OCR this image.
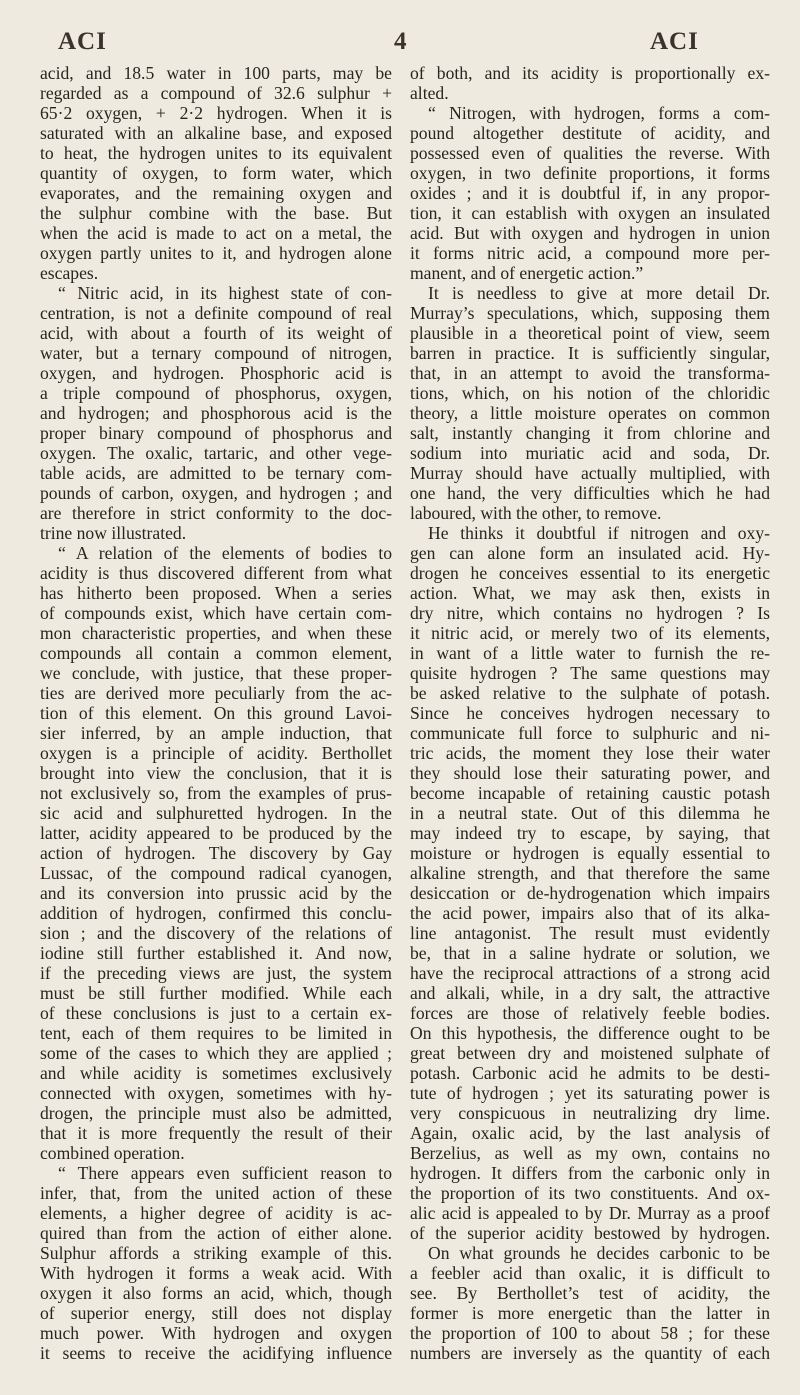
ACI	4	ACI
acid, and 18.5 water in 100 parts, may be
regarded as a compound of 32.6 sulphur +
65·2 oxygen, + 2·2 hydrogen. When it is
saturated with an alkaline base, and exposed
to heat, the hydrogen unites to its equivalent
quantity of oxygen, to form water, which
evaporates, and the remaining oxygen and
the sulphur combine with the base. But
when the acid is made to act on a metal, the
oxygen partly unites to it, and hydrogen alone
escapes.
“ Nitric acid, in its highest state of con-
centration, is not a definite compound of real
acid, with about a fourth of its weight of
water, but a ternary compound of nitrogen,
oxygen, and hydrogen. Phosphoric acid is
a triple compound of phosphorus, oxygen,
and hydrogen; and phosphorous acid is the
proper binary compound of phosphorus and
oxygen. The oxalic, tartaric, and other vege-
table acids, are admitted to be ternary com-
pounds of carbon, oxygen, and hydrogen ; and
are therefore in strict conformity to the doc-
trine now illustrated.
“ A relation of the elements of bodies to
acidity is thus discovered different from what
has hitherto been proposed. When a series
of compounds exist, which have certain com-
mon characteristic properties, and when these
compounds all contain a common element,
we conclude, with justice, that these proper-
ties are derived more peculiarly from the ac-
tion of this element. On this ground Lavoi-
sier inferred, by an ample induction, that
oxygen is a principle of acidity. Berthollet
brought into view the conclusion, that it is
not exclusively so, from the examples of prus-
sic acid and sulphuretted hydrogen. In the
latter, acidity appeared to be produced by the
action of hydrogen. The discovery by Gay
Lussac, of the compound radical cyanogen,
and its conversion into prussic acid by the
addition of hydrogen, confirmed this conclu-
sion ; and the discovery of the relations of
iodine still further established it. And now,
if the preceding views are just, the system
must be still further modified. While each
of these conclusions is just to a certain ex-
tent, each of them requires to be limited in
some of the cases to which they are applied ;
and while acidity is sometimes exclusively
connected with oxygen, sometimes with hy-
drogen, the principle must also be admitted,
that it is more frequently the result of their
combined operation.
“ There appears even sufficient reason to
infer, that, from the united action of these
elements, a higher degree of acidity is ac-
quired than from the action of either alone.
Sulphur affords a striking example of this.
With hydrogen it forms a weak acid. With
oxygen it also forms an acid, which, though
of superior energy, still does not display
much power. With hydrogen and oxygen
it seems to receive the acidifying influence
of both, and its acidity is proportionally ex-
alted.
“ Nitrogen, with hydrogen, forms a com-
pound altogether destitute of acidity, and
possessed even of qualities the reverse. With
oxygen, in two definite proportions, it forms
oxides ; and it is doubtful if, in any propor-
tion, it can establish with oxygen an insulated
acid. But with oxygen and hydrogen in union
it forms nitric acid, a compound more per-
manent, and of energetic action.”
It is needless to give at more detail Dr.
Murray’s speculations, which, supposing them
plausible in a theoretical point of view, seem
barren in practice. It is sufficiently singular,
that, in an attempt to avoid the transforma-
tions, which, on his notion of the chloridic
theory, a little moisture operates on common
salt, instantly changing it from chlorine and
sodium into muriatic acid and soda, Dr.
Murray should have actually multiplied, with
one hand, the very difficulties which he had
laboured, with the other, to remove.
He thinks it doubtful if nitrogen and oxy-
gen can alone form an insulated acid. Hy-
drogen he conceives essential to its energetic
action. What, we may ask then, exists in
dry nitre, which contains no hydrogen ? Is
it nitric acid, or merely two of its elements,
in want of a little water to furnish the re-
quisite hydrogen ? The same questions may
be asked relative to the sulphate of potash.
Since he conceives hydrogen necessary to
communicate full force to sulphuric and ni-
tric acids, the moment they lose their water
they should lose their saturating power, and
become incapable of retaining caustic potash
in a neutral state. Out of this dilemma he
may indeed try to escape, by saying, that
moisture or hydrogen is equally essential to
alkaline strength, and that therefore the same
desiccation or de-hydrogenation which impairs
the acid power, impairs also that of its alka-
line antagonist. The result must evidently
be, that in a saline hydrate or solution, we
have the reciprocal attractions of a strong acid
and alkali, while, in a dry salt, the attractive
forces are those of relatively feeble bodies.
On this hypothesis, the difference ought to be
great between dry and moistened sulphate of
potash. Carbonic acid he admits to be desti-
tute of hydrogen ; yet its saturating power is
very conspicuous in neutralizing dry lime.
Again, oxalic acid, by the last analysis of
Berzelius, as well as my own, contains no
hydrogen. It differs from the carbonic only in
the proportion of its two constituents. And ox-
alic acid is appealed to by Dr. Murray as a proof
of the superior acidity bestowed by hydrogen.
On what grounds he decides carbonic to be
a feebler acid than oxalic, it is difficult to
see. By Berthollet’s test of acidity, the
former is more energetic than the latter in
the proportion of 100 to about 58 ; for these
numbers are inversely as the quantity of each
